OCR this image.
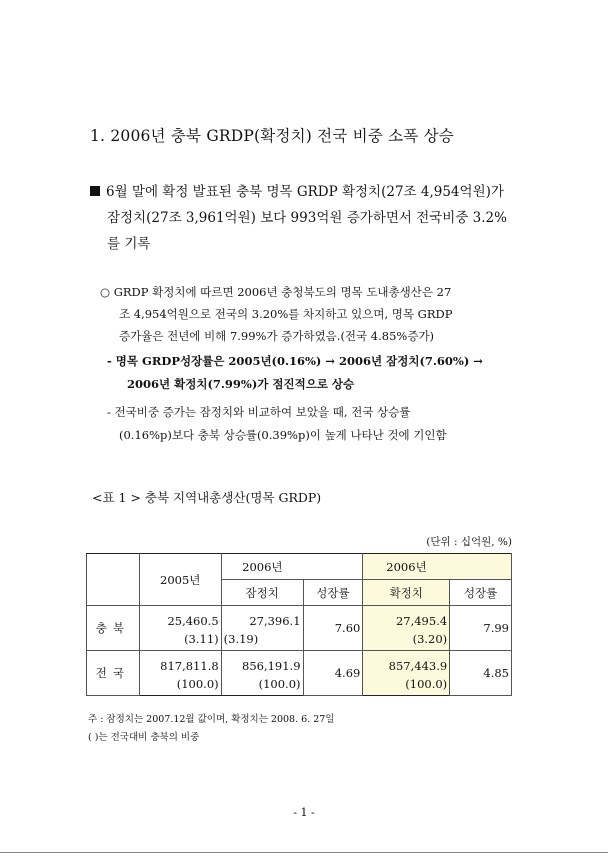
1. 2006년 충북 GRDP(확정치) 전국 비중 소폭 상승
6월 말에 확정 발표된 충북 명목 GRDP 확정치(27조 4,954억원)가
잠정치(27조 3,961억원) 보다 993억원 증가하면서 전국비중 3.2%
를 기록
○ GRDP 확정치에 따르면 2006년 충청북도의 명목 도내총생산은 27
조 4,954억원으로 전국의 3.20%를 차지하고 있으며, 명목 GRDP
증가율은 전년에 비해 7.99%가 증가하였음.(전국 4.85%증가)
- 명목 GRDP성장률은 2005년(0.16%) → 2006년 잠정치(7.60%) →
2006년 확정치(7.99%)가 점진적으로 상승
- 전국비중 증가는 잠정치와 비교하여 보았을 때, 전국 상승률
(0.16%p)보다 충북 상승률(0.39%p)이 높게 나타난 것에 기인함
<표 1 > 충북 지역내총생산(명목 GRDP)
(단위 : 십억원, %)
	2005년	2006년		2006년	
		잠정치	성장률	확정치	성장률
충북	25,460.5	27,396.1	7.60	27,495.4	7.99
	(3.11)	(3.19)		(3.20)	
전국	817,811.8	856,191.9	4.69	857,443.9	4.85
	(100.0)	(100.0)		(100.0)	
주 : 잠정치는 2007.12월 값이며, 확정치는 2008. 6. 27일
( )는 전국대비 충북의 비중
- 1 -
